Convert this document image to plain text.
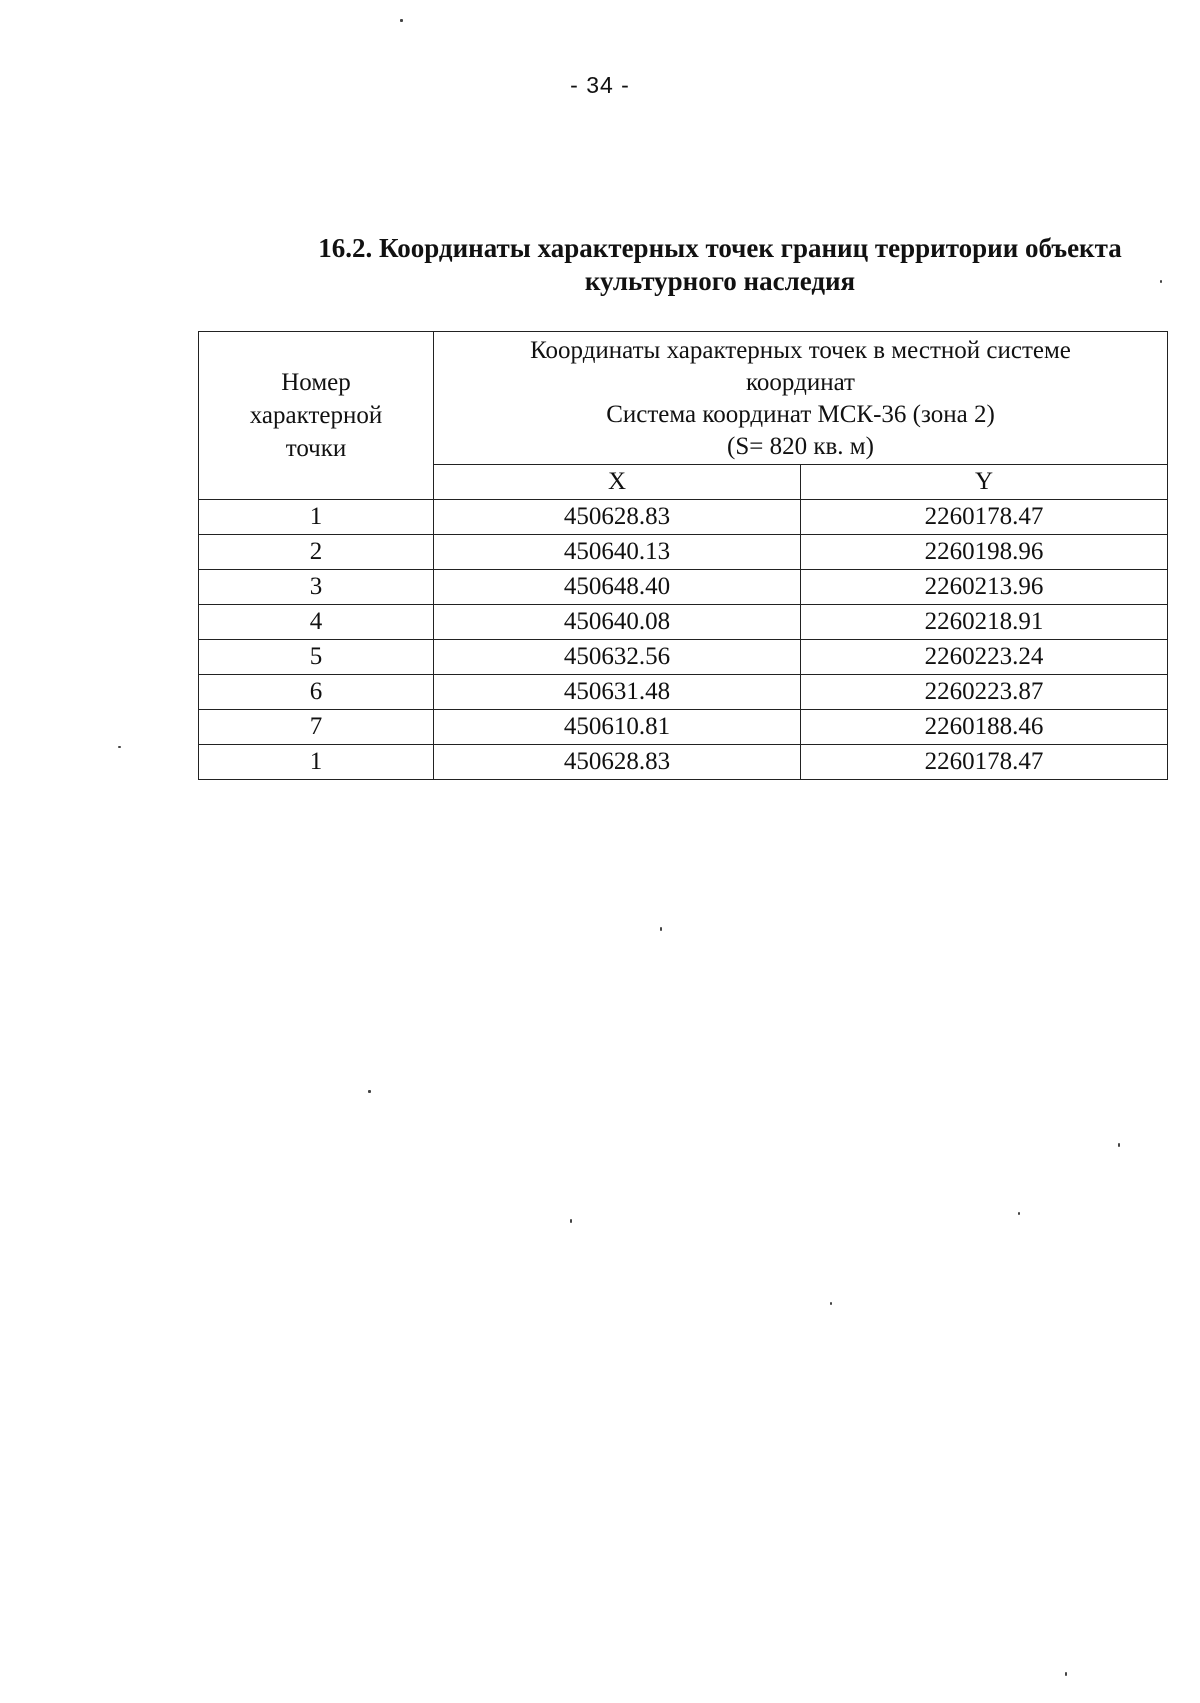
- 34 -
16.2. Координаты характерных точек границ территории объекта
культурного наследия
Номер
характерной
точки	Координаты характерных точек в местной системе
координат
Система координат МСК-36 (зона 2)
(S= 820 кв. м)	

	X	Y
1	450628.83	2260178.47
2	450640.13	2260198.96
3	450648.40	2260213.96
4	450640.08	2260218.91
5	450632.56	2260223.24
6	450631.48	2260223.87
7	450610.81	2260188.46
1	450628.83	2260178.47
